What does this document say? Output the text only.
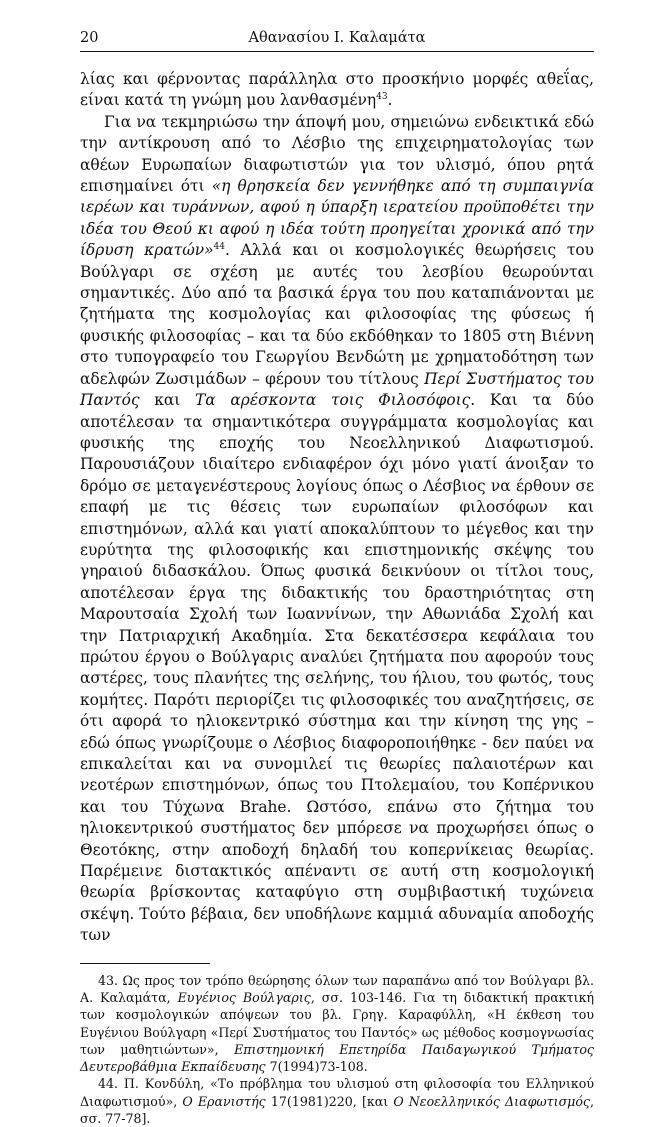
20	Αθανασίου Ι. Καλαμάτα

λίας και φέρνοντας παράλληλα στο προσκήνιο μορφές αθεΐας, είναι κατά τη γνώμη μου λανθασμένη$^{43}$.

Για να τεκμηριώσω την άποψή μου, σημειώνω ενδεικτικά εδώ την αντίκρουση από το Λέσβιο της επιχειρηματολογίας των αθέων Ευρωπαίων διαφωτιστών για τον υλισμό, όπου ρητά επισημαίνει ότι «η θρησκεία δεν γεννήθηκε από τη συμπαιγνία ιερέων και τυράννων, αφού η ύπαρξη ιερατείου προϋποθέτει την ιδέα του Θεού κι αφού η ιδέα τούτη προηγείται χρονικά από την ίδρυση κρατών»$^{44}$. Αλλά και οι κοσμολογικές θεωρήσεις του Βούλγαρι σε σχέση με αυτές του λεσβίου θεωρούνται σημαντικές. Δύο από τα βασικά έργα του που καταπιάνονται με ζητήματα της κοσμολογίας και φιλοσοφίας της φύσεως ή φυσικής φιλοσοφίας – και τα δύο εκδόθηκαν το 1805 στη Βιέννη στο τυπογραφείο του Γεωργίου Βενδώτη με χρηματοδότηση των αδελφών Ζωσιμάδων – φέρουν του τίτλους Περί Συστήματος του Παντός και Τα αρέσκοντα τοις Φιλοσόφοις. Και τα δύο αποτέλεσαν τα σημαντικότερα συγγράμματα κοσμολογίας και φυσικής της εποχής του Νεοελληνικού Διαφωτισμού. Παρουσιάζουν ιδιαίτερο ενδιαφέρον όχι μόνο γιατί άνοιξαν το δρόμο σε μεταγενέστερους λογίους όπως ο Λέσβιος να έρθουν σε επαφή με τις θέσεις των ευρωπαίων φιλοσόφων και επιστημόνων, αλλά και γιατί αποκαλύπτουν το μέγεθος και την ευρύτητα της φιλοσοφικής και επιστημονικής σκέψης του γηραιού διδασκάλου. Όπως φυσικά δεικνύουν οι τίτλοι τους, αποτέλεσαν έργα της διδακτικής του δραστηριότητας στη Μαρουτσαία Σχολή των Ιωαννίνων, την Αθωνιάδα Σχολή και την Πατριαρχική Ακαδημία. Στα δεκατέσσερα κεφάλαια του πρώτου έργου ο Βούλγαρις αναλύει ζητήματα που αφορούν τους αστέρες, τους πλανήτες της σελήνης, του ήλιου, του φωτός, τους κομήτες. Παρότι περιορίζει τις φιλοσοφικές του αναζητήσεις, σε ότι αφορά το ηλιοκεντρικό σύστημα και την κίνηση της γης – εδώ όπως γνωρίζουμε ο Λέσβιος διαφοροποιήθηκε - δεν παύει να επικαλείται και να συνομιλεί τις θεωρίες παλαιοτέρων και νεοτέρων επιστημόνων, όπως του Πτολεμαίου, του Κοπέρνικου και του Τύχωνα Brahe. Ωστόσο, επάνω στο ζήτημα του ηλιοκεντρικού συστήματος δεν μπόρεσε να προχωρήσει όπως ο Θεοτόκης, στην αποδοχή δηλαδή του κοπερνίκειας θεωρίας. Παρέμεινε διστακτικός απέναντι σε αυτή στη κοσμολογική θεωρία βρίσκοντας καταφύγιο στη συμβιβαστική τυχώνεια σκέψη. Τούτο βέβαια, δεν υποδήλωνε καμμιά αδυναμία αποδοχής των

43. Ως προς τον τρόπο θεώρησης όλων των παραπάνω από τον Βούλγαρι βλ. Α. Καλαμάτα, Ευγένιος Βούλγαρις, σσ. 103-146. Για τη διδακτική πρακτική των κοσμολογικών απόψεων του βλ. Γρηγ. Καραφύλλη, «Η έκθεση του Ευγένιου Βούλγαρη «Περί Συστήματος του Παντός» ως μέθοδος κοσμογνωσίας των μαθητιώντων», Επιστημονική Επετηρίδα Παιδαγωγικού Τμήματος Δευτεροβάθμια Εκπαίδευσης 7(1994)73-108.

44. Π. Κονδύλη, «Το πρόβλημα του υλισμού στη φιλοσοφία του Ελληνικού Διαφωτισμού», Ο Ερανιστής 17(1981)220, [και Ο Νεοελληνικός Διαφωτισμός, σσ. 77-78].
